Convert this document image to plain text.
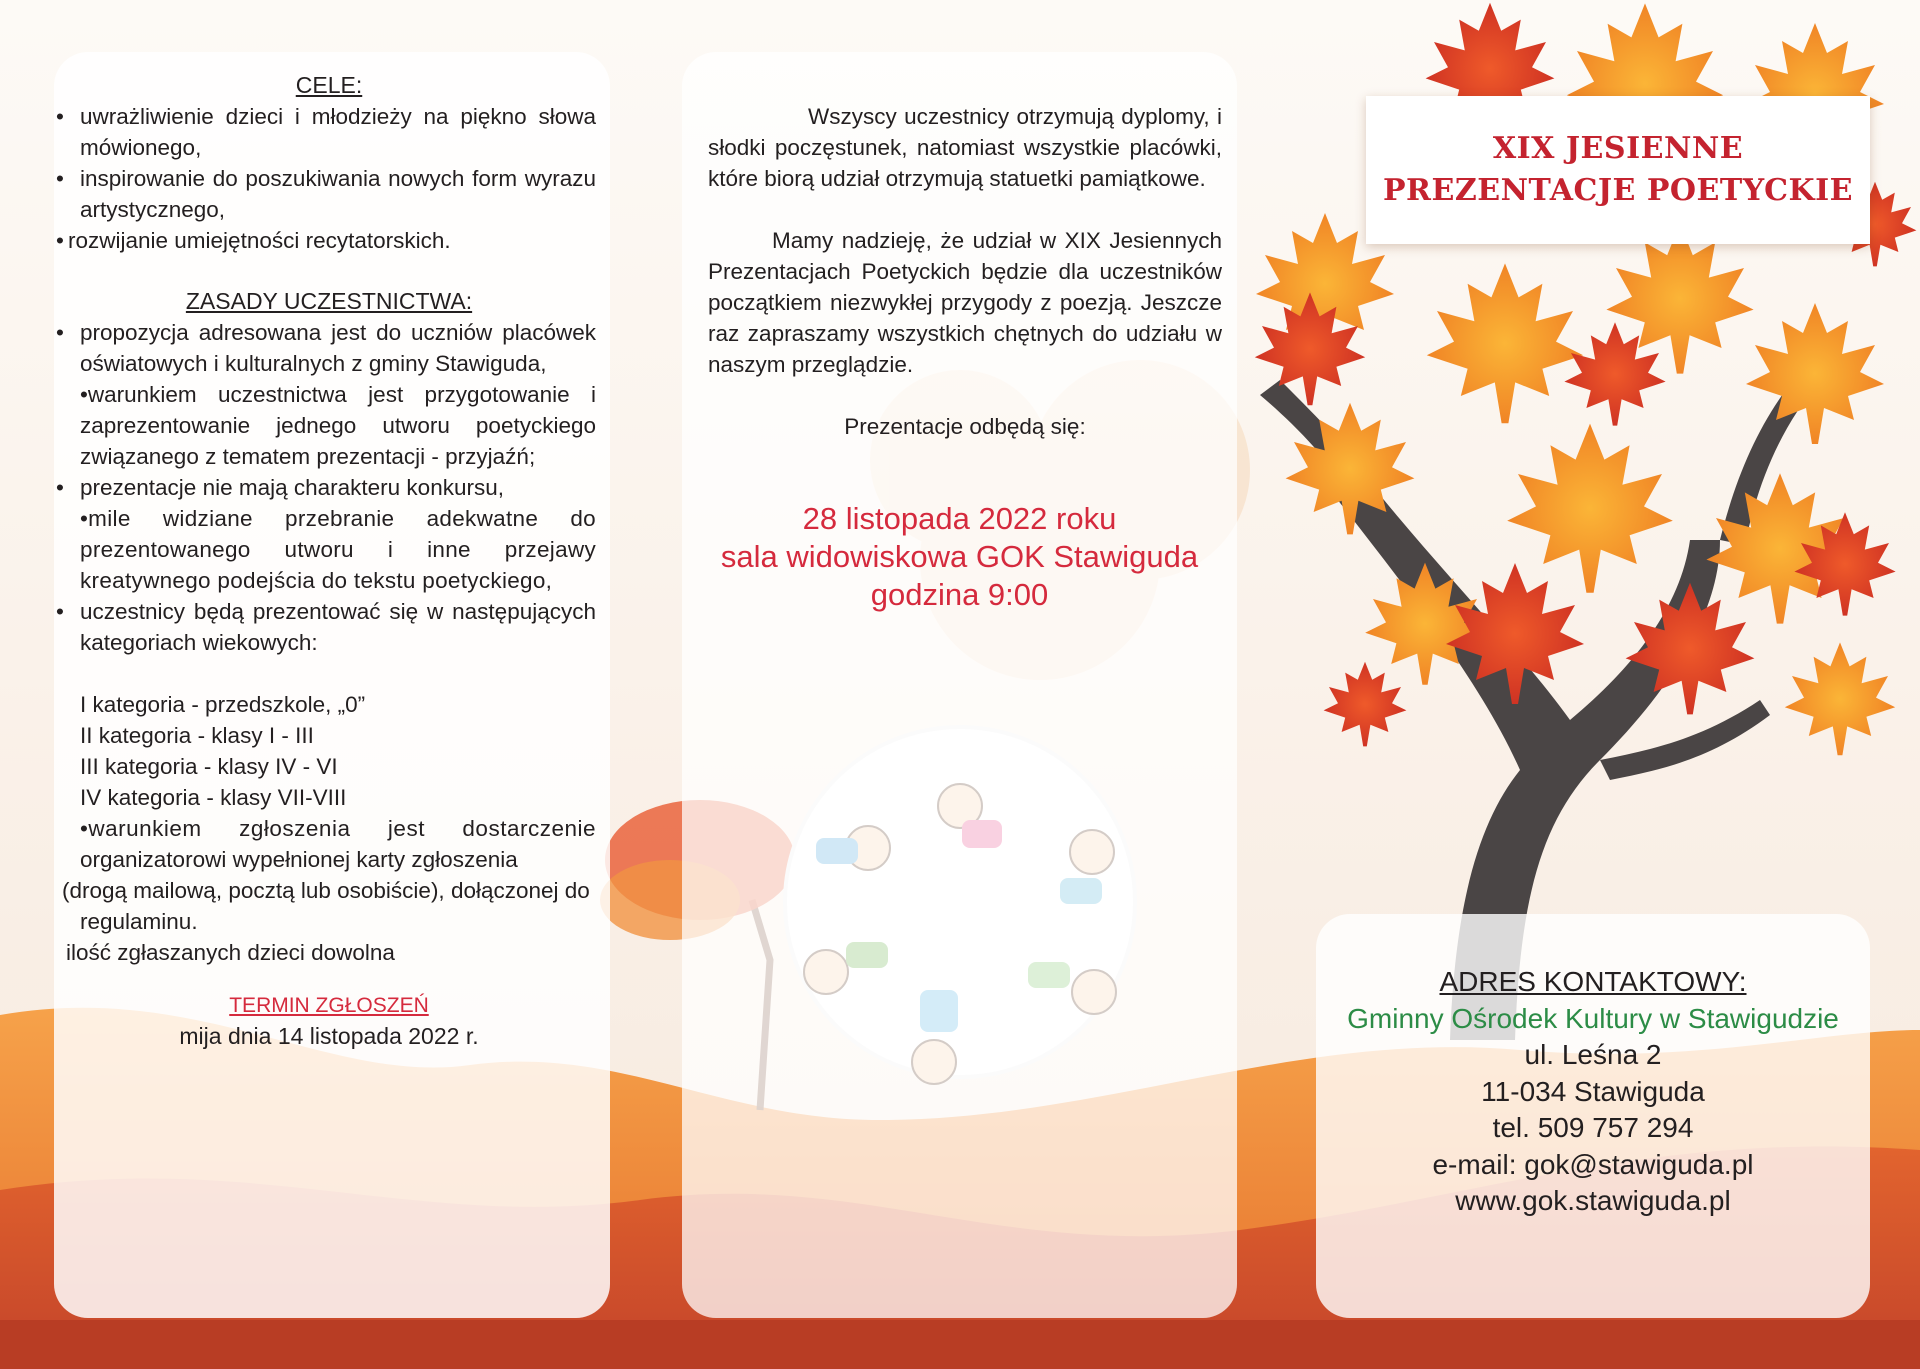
CELE:
• uwrażliwienie dzieci i młodzieży na piękno słowa mówionego,
• inspirowanie do poszukiwania nowych form wyrazu artystycznego,
• rozwijanie umiejętności recytatorskich.
ZASADY UCZESTNICTWA:
• propozycja adresowana jest do uczniów placówek oświatowych i kulturalnych z gminy Stawiguda,
•warunkiem uczestnictwa jest przygotowanie i zaprezentowanie jednego utworu poetyckiego związanego z tematem prezentacji - przyjaźń;
• prezentacje nie mają charakteru konkursu,
•mile widziane przebranie adekwatne do prezentowanego utworu i inne przejawy kreatywnego podejścia do tekstu poetyckiego,
• uczestnicy będą prezentować się w następujących kategoriach wiekowych:
I kategoria - przedszkole, „0”
II kategoria - klasy I - III
III kategoria - klasy IV - VI
IV kategoria - klasy VII-VIII
•warunkiem zgłoszenia jest dostarczenie
organizatorowi wypełnionej karty zgłoszenia
(drogą mailową, pocztą lub osobiście), dołączonej do
regulaminu.
ilość zgłaszanych dzieci dowolna
TERMIN ZGŁOSZEŃ
mija dnia 14 listopada 2022 r.
Wszyscy uczestnicy otrzymują dyplomy, i słodki poczęstunek, natomiast wszystkie placówki, które biorą udział otrzymują statuetki pamiątkowe.
Mamy nadzieję, że udział w XIX Jesiennych Prezentacjach Poetyckich będzie dla uczestników początkiem niezwykłej przygody z poezją. Jeszcze raz zapraszamy wszystkich chętnych do udziału w naszym przeglądzie.
Prezentacje odbędą się:
28 listopada 2022 roku
sala widowiskowa GOK Stawiguda
godzina 9:00
XIX JESIENNE
PREZENTACJE POETYCKIE
ADRES KONTAKTOWY:
Gminny Ośrodek Kultury w Stawigudzie
ul. Leśna 2
11-034 Stawiguda
tel. 509 757 294
e-mail: gok@stawiguda.pl
www.gok.stawiguda.pl
